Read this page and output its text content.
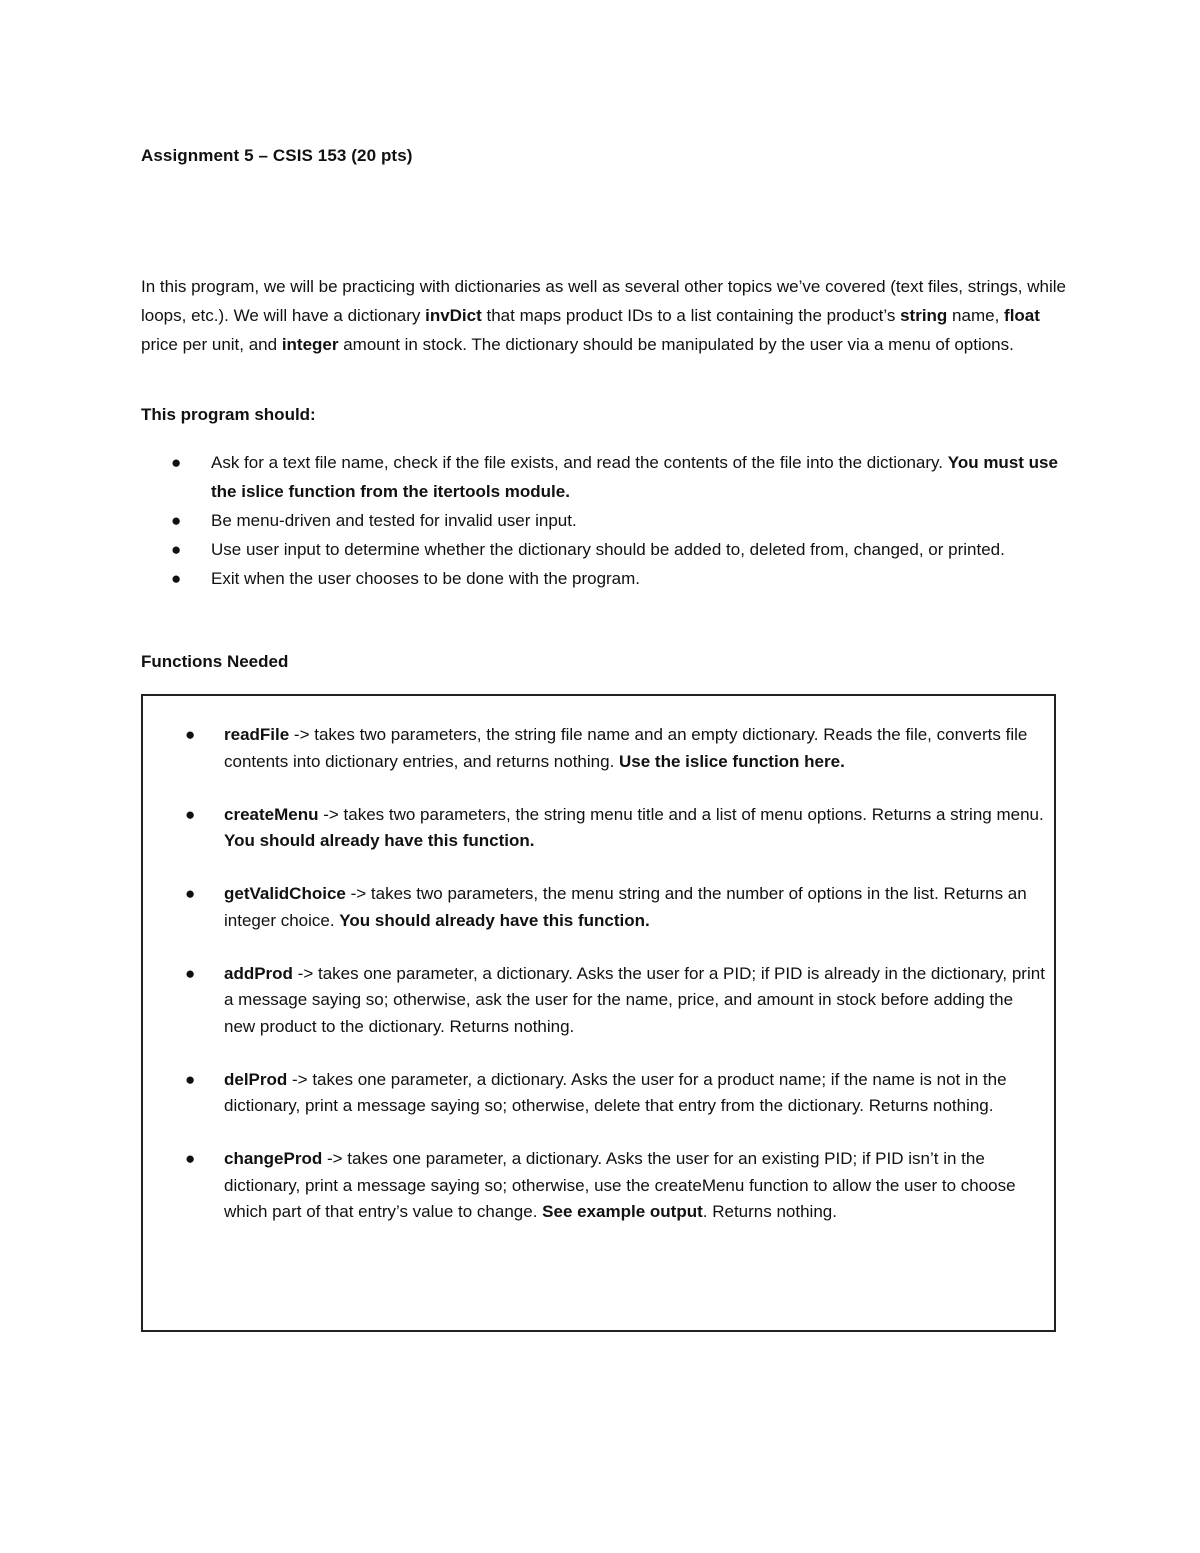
Assignment 5 – CSIS 153 (20 pts)

In this program, we will be practicing with dictionaries as well as several other topics we’ve covered (text files, strings, while loops, etc.). We will have a dictionary invDict that maps product IDs to a list containing the product’s string name, float price per unit, and integer amount in stock. The dictionary should be manipulated by the user via a menu of options.

This program should:
● Ask for a text file name, check if the file exists, and read the contents of the file into the dictionary. You must use the islice function from the itertools module.
● Be menu-driven and tested for invalid user input.
● Use user input to determine whether the dictionary should be added to, deleted from, changed, or printed.
● Exit when the user chooses to be done with the program.
Functions Needed
● readFile -> takes two parameters, the string file name and an empty dictionary. Reads the file, converts file contents into dictionary entries, and returns nothing. Use the islice function here.
● createMenu -> takes two parameters, the string menu title and a list of menu options. Returns a string menu. You should already have this function.
● getValidChoice -> takes two parameters, the menu string and the number of options in the list. Returns an integer choice. You should already have this function.
● addProd -> takes one parameter, a dictionary. Asks the user for a PID; if PID is already in the dictionary, print a message saying so; otherwise, ask the user for the name, price, and amount in stock before adding the new product to the dictionary. Returns nothing.
● delProd -> takes one parameter, a dictionary. Asks the user for a product name; if the name is not in the dictionary, print a message saying so; otherwise, delete that entry from the dictionary. Returns nothing.
● changeProd -> takes one parameter, a dictionary. Asks the user for an existing PID; if PID isn’t in the dictionary, print a message saying so; otherwise, use the createMenu function to allow the user to choose which part of that entry’s value to change. See example output. Returns nothing.
